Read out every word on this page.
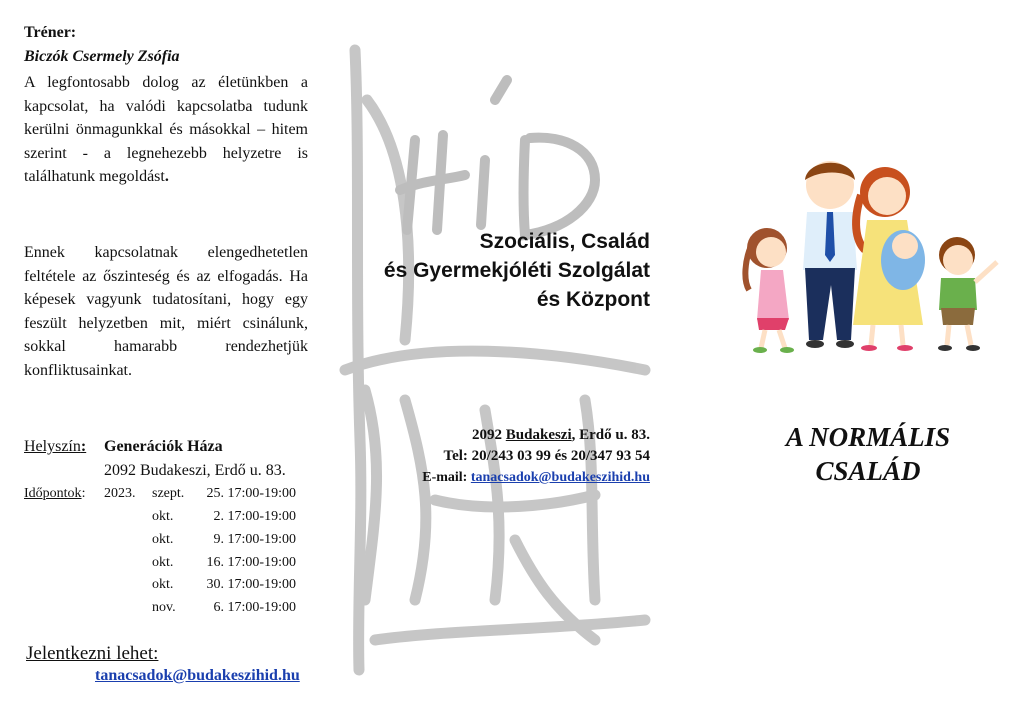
Tréner:
Biczók Csermely Zsófia
A legfontosabb dolog az életünkben a kapcsolat, ha valódi kapcsolatba tudunk kerülni önmagunkkal és másokkal – hitem szerint - a legnehezebb helyzetre is találhatunk megoldást.
Ennek kapcsolatnak elengedhetetlen feltétele az őszinteség és az elfogadás. Ha képesek vagyunk tudatosítani, hogy egy feszült helyzetben mit, miért csinálunk, sokkal hamarabb rendezhetjük konfliktusainkat.
Helyszín: Generációk Háza
2092 Budakeszi, Erdő u. 83.
Időpontok: 2023. szept.	25. 17:00-19:00
okt.	2. 17:00-19:00
okt.	9. 17:00-19:00
okt.	16. 17:00-19:00
okt.	30. 17:00-19:00
nov.	6. 17:00-19:00
Jelentkezni lehet:
tanacsadok@budakeszihid.hu
HÍD
Szociális, Család
és Gyermekjóléti Szolgálat
és Központ
2092 Budakeszi, Erdő u. 83.
Tel: 20/243 03 99 és 20/347 93 54
E-mail: tanacsadok@budakeszihid.hu
A NORMÁLIS
CSALÁD
